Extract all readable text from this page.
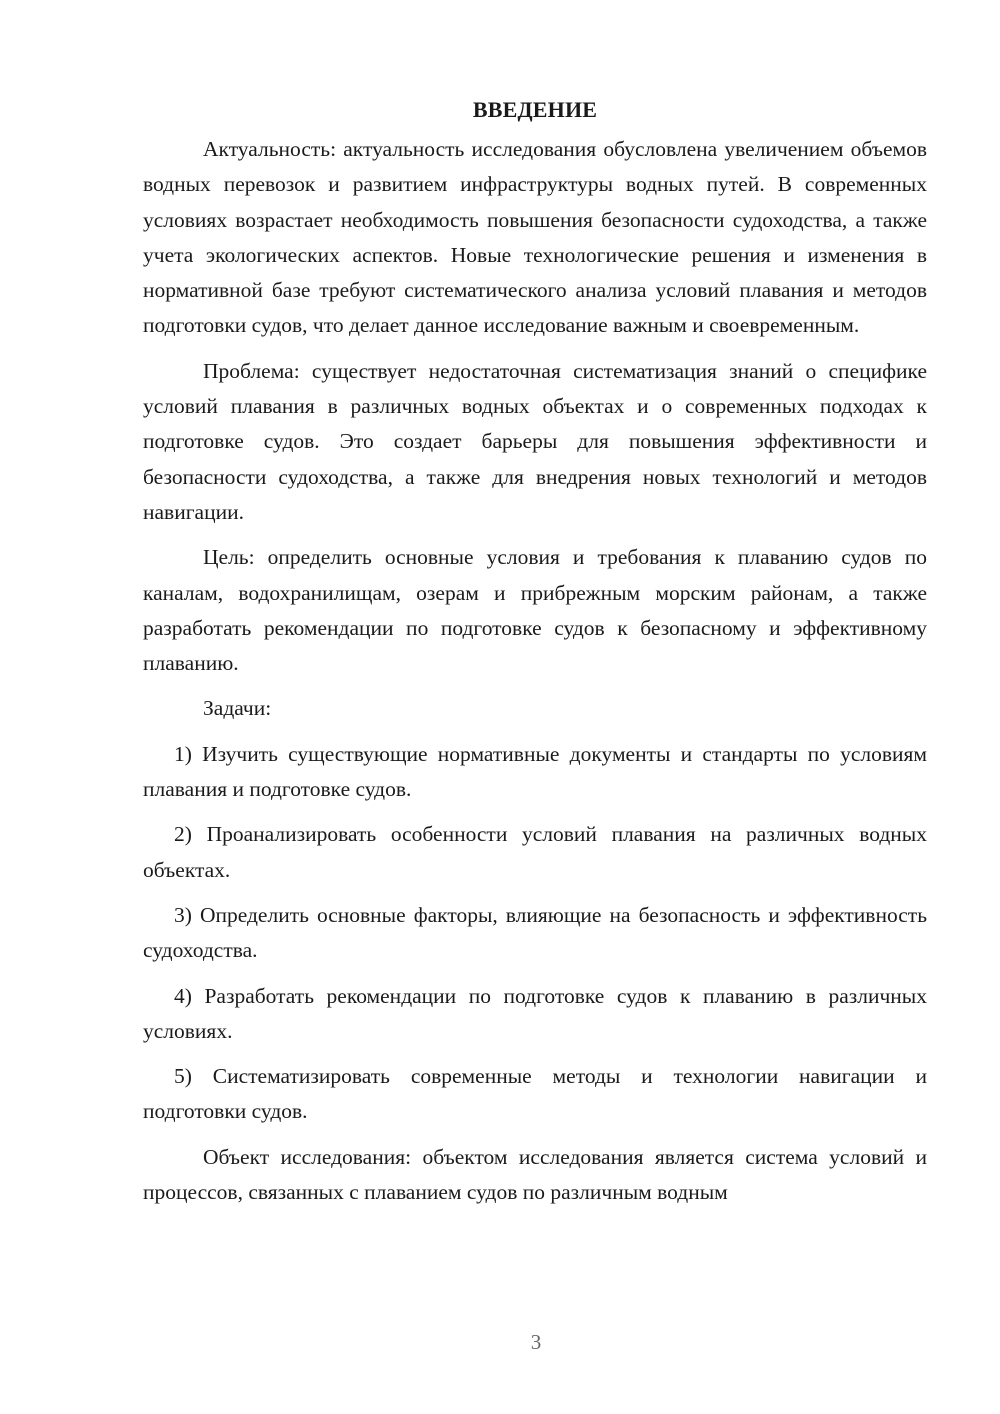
ВВЕДЕНИЕ

Актуальность: актуальность исследования обусловлена увеличением объемов водных перевозок и развитием инфраструктуры водных путей. В современных условиях возрастает необходимость повышения безопасности судоходства, а также учета экологических аспектов. Новые технологические решения и изменения в нормативной базе требуют систематического анализа условий плавания и методов подготовки судов, что делает данное исследование важным и своевременным.

Проблема: существует недостаточная систематизация знаний о специфике условий плавания в различных водных объектах и о современных подходах к подготовке судов. Это создает барьеры для повышения эффективности и безопасности судоходства, а также для внедрения новых технологий и методов навигации.

Цель: определить основные условия и требования к плаванию судов по каналам, водохранилищам, озерам и прибрежным морским районам, а также разработать рекомендации по подготовке судов к безопасному и эффективному плаванию.

Задачи:

1) Изучить существующие нормативные документы и стандарты по условиям плавания и подготовке судов.

2) Проанализировать особенности условий плавания на различных водных объектах.

3) Определить основные факторы, влияющие на безопасность и эффективность судоходства.

4) Разработать рекомендации по подготовке судов к плаванию в различных условиях.

5) Систематизировать современные методы и технологии навигации и подготовки судов.

Объект исследования: объектом исследования является система условий и процессов, связанных с плаванием судов по различным водным

3
